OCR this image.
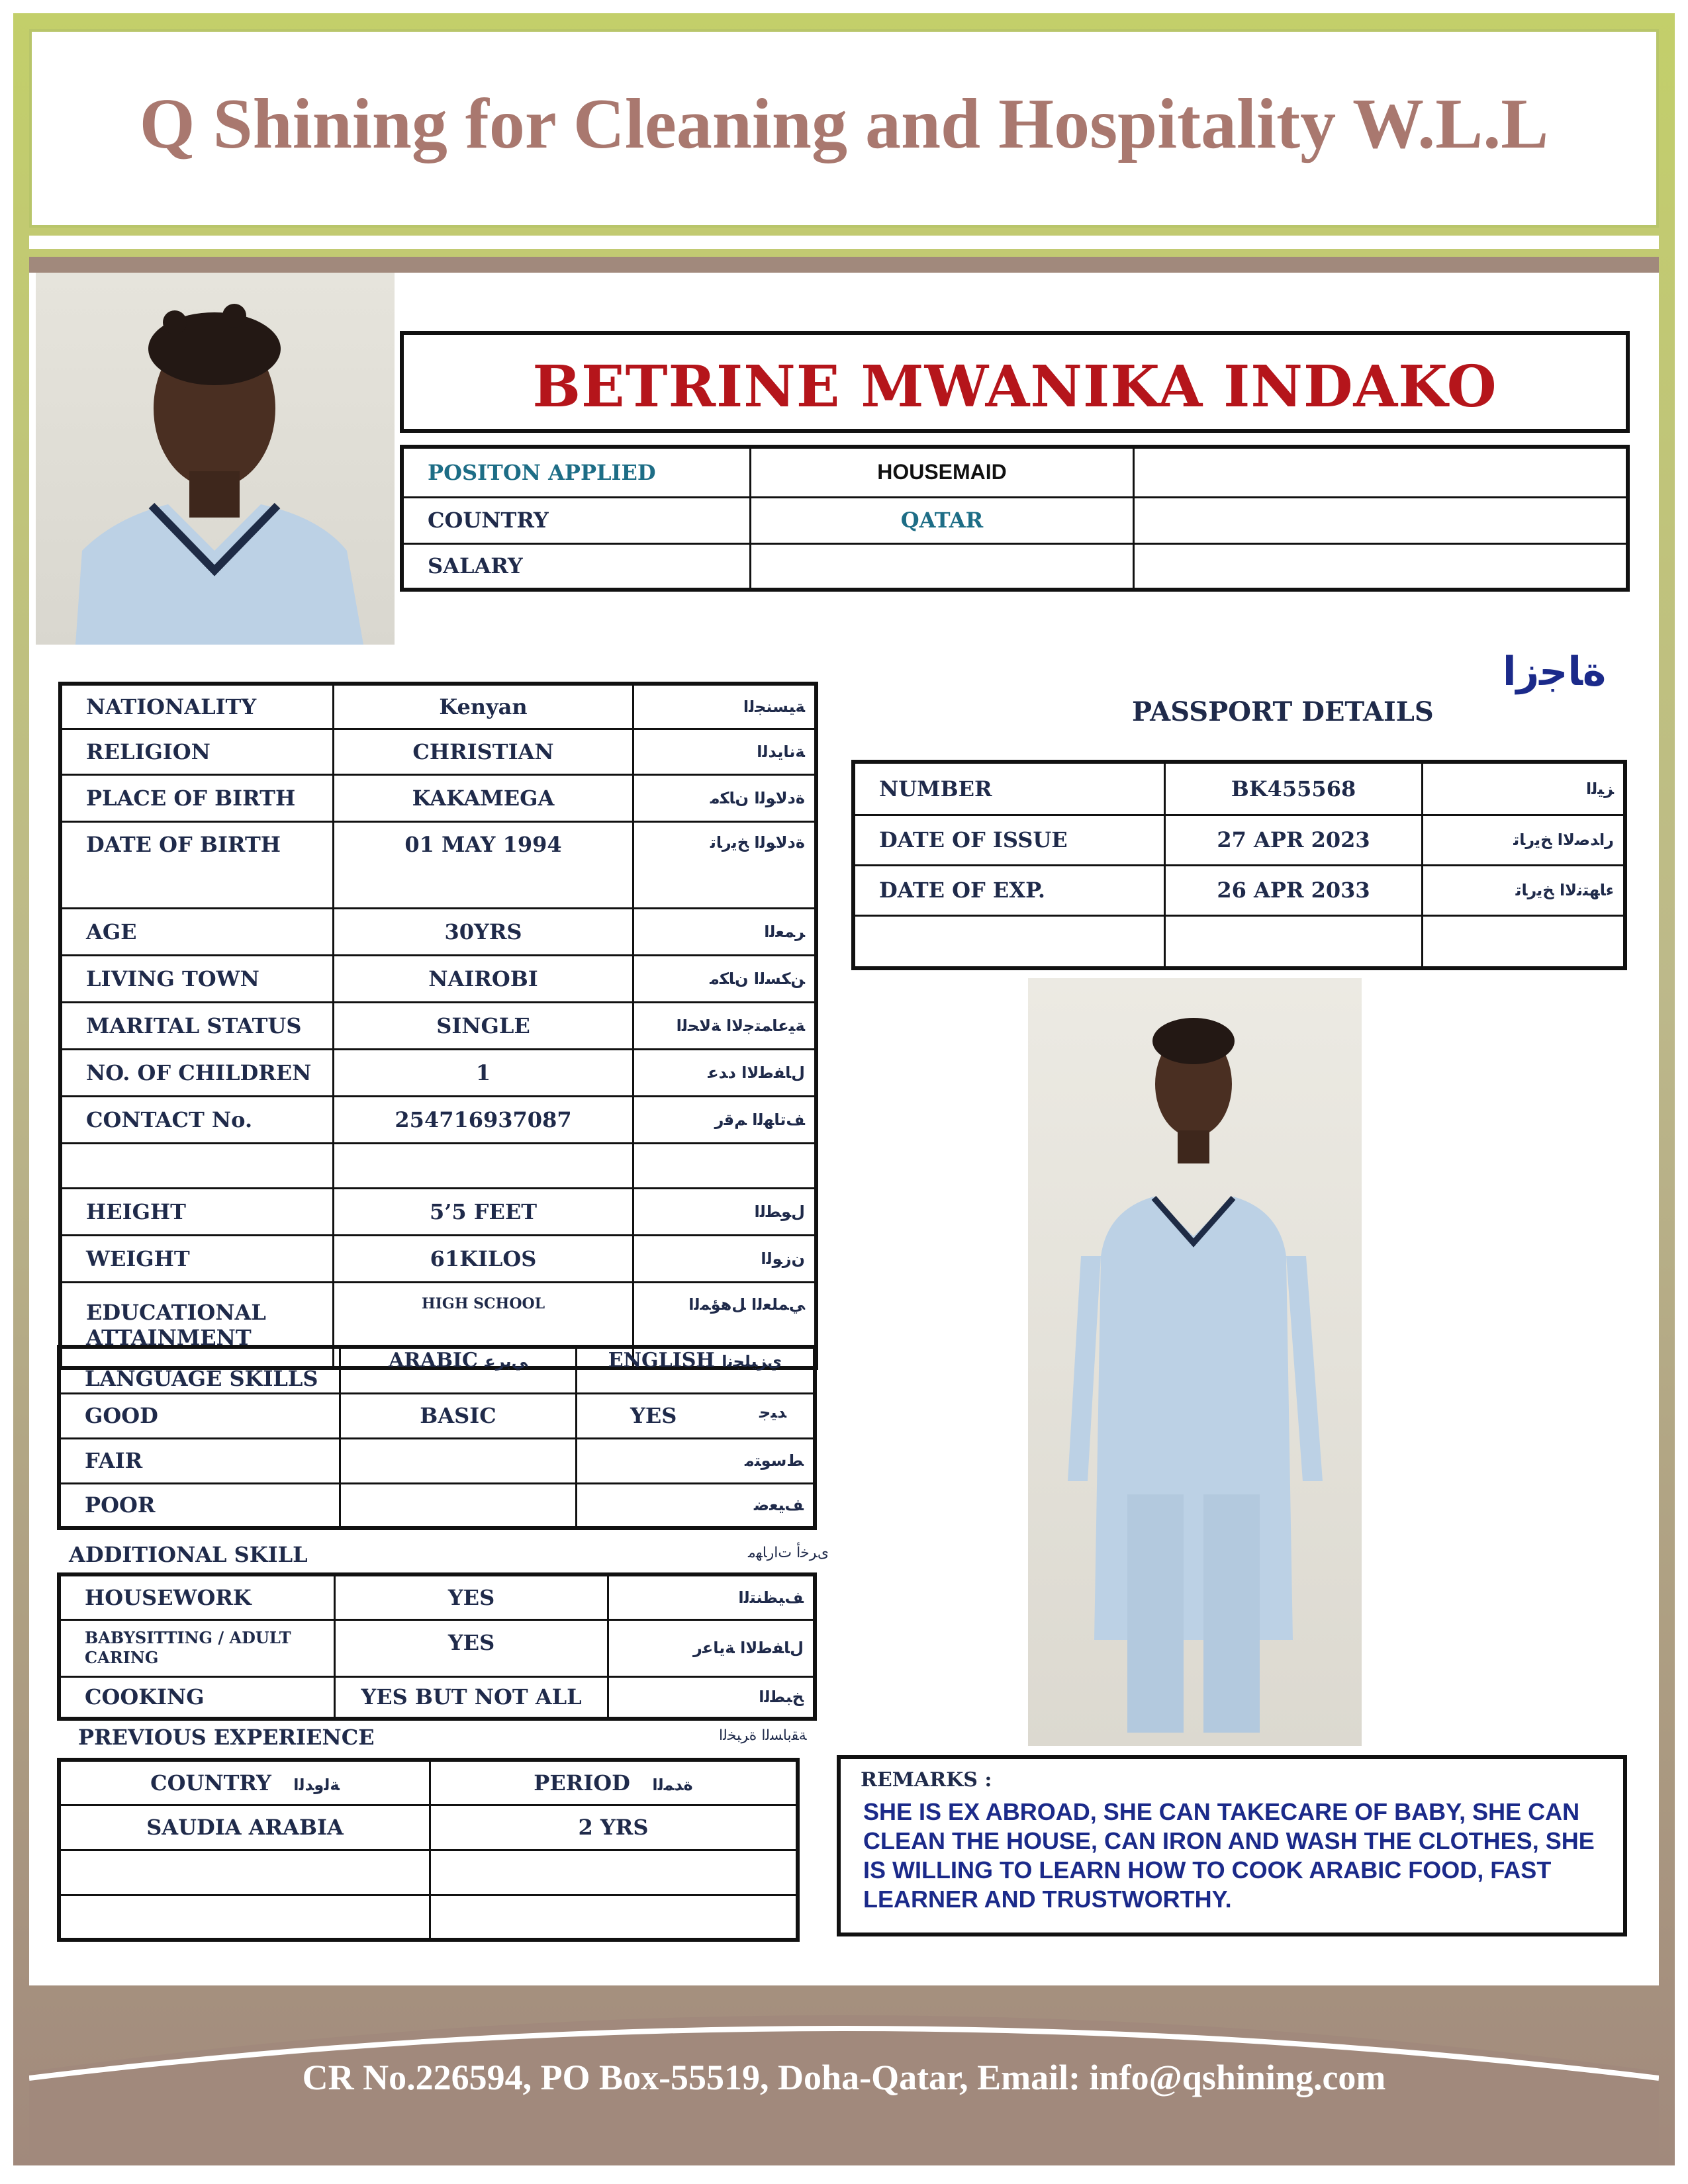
Q Shining for Cleaning and Hospitality W.L.L
CR No.226594, PO Box-55519, Doha-Qatar, Email: info@qshining.com
BETRINE MWANIKA INDAKO
POSITON APPLIED	HOUSEMAID	
COUNTRY	QATAR	
SALARY		
NATIONALITY	Kenyan	ﺔﻴﺴﻨﺠﻟﺍ
RELIGION	CHRISTIAN	ﺔﻧﺎﻳﺪﻟﺍ
PLACE OF BIRTH	KAKAMEGA	ﺓﺩﻻﻮﻟﺍ ﻥﺎﻜﻣ
DATE OF BIRTH	01 MAY 1994	ﺓﺩﻻﻮﻟﺍ ﺦﻳﺭﺎﺗ
AGE	30YRS	ﺮﻤﻌﻟﺍ
LIVING TOWN	NAIROBI	ﻦﻜﺴﻟﺍ ﻥﺎﻜﻣ
MARITAL STATUS	SINGLE	ﺔﻴﻋﺎﻤﺘﺟﻻﺍ ﺔﻟﺎﺤﻟﺍ
NO. OF CHILDREN	1	ﻝﺎﻔﻃﻻﺍ ﺩﺪﻋ
CONTACT No.	254716937087	ﻒﺗﺎﻬﻟﺍ ﻢﻗﺭ

HEIGHT	5’5 FEET	ﻝﻮﻄﻟﺍ
WEIGHT	61KILOS	ﻥﺯﻮﻟﺍ
EDUCATIONAL ATTAINMENT	HIGH SCHOOL	ﻲﻤﻠﻌﻟﺍ ﻞﻫﺆﻤﻟﺍ
LANGUAGE SKILLS	ARABIC ﻲﺑﺮﻋ	ENGLISH ﻱﺰﻴﻠﺠﻧﺍ
GOOD	BASIC	YES ﺪﻴﺟ

FAIR		ﻂﺳﻮﺘﻣ
POOR		ﻒﻴﻌﺿ
ADDITIONAL SKILL	ﻯﺮﺧﺃ ﺕﺍﺭﺎﻬﻣ
HOUSEWORK	YES	ﻒﻴﻈﻨﺘﻟﺍ
BABYSITTING / ADULT CARING	YES	ﻝﺎﻔﻃﻻﺍ ﺔﻳﺎﻋﺭ
COOKING	YES BUT NOT ALL	ﺦﺒﻄﻟﺍ
PREVIOUS EXPERIENCE	ﺔﻘﺑﺎﺴﻟﺍ ﺓﺮﺒﺨﻟﺍ
COUNTRY ﺔﻟﻭﺪﻟﺍ	PERIOD ﺓﺪﻤﻟﺍ
SAUDIA ARABIA	2 YRS

ﺓﺎﺟﺯﺍ
PASSPORT DETAILS
NUMBER	BK455568	ﺰﻴﻟﺍ
DATE OF ISSUE	27 APR 2023	ﺭﺍﺪﺻﻻﺍ ﺦﻳﺭﺎﺗ
DATE OF EXP.	26 APR 2033	ﺀﺎﻬﺘﻧﻻﺍ ﺦﻳﺭﺎﺗ

REMARKS :
SHE IS EX ABROAD, SHE CAN TAKECARE OF BABY, SHE CAN CLEAN THE HOUSE, CAN IRON AND WASH THE CLOTHES, SHE IS WILLING TO LEARN HOW TO COOK ARABIC FOOD, FAST LEARNER AND TRUSTWORTHY.
